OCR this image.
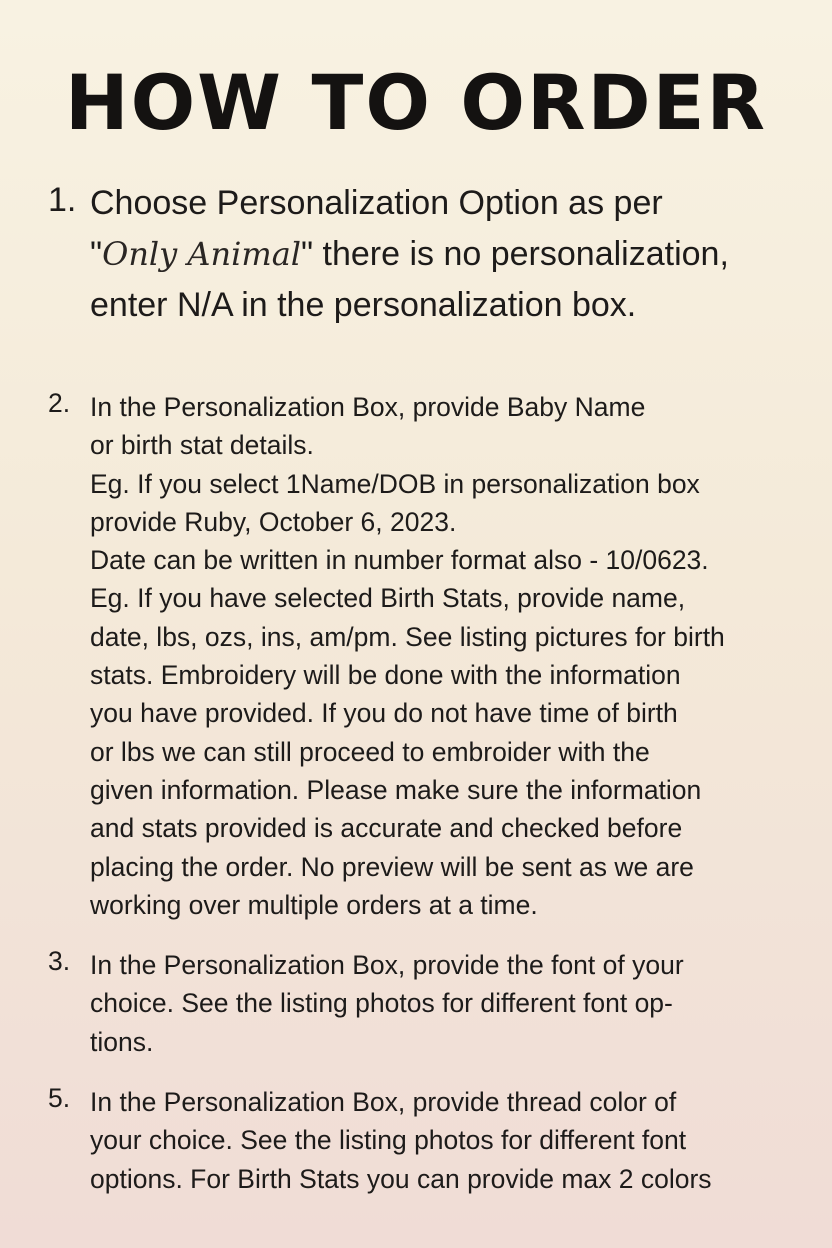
HOW TO ORDER
1. Choose Personalization Option as per
"Only Animal" there is no personalization,
enter N/A in the personalization box.
2. In the Personalization Box, provide Baby Name
or birth stat details.
Eg. If you select 1Name/DOB in personalization box
provide Ruby, October 6, 2023.
Date can be written in number format also - 10/0623.
Eg. If you have selected Birth Stats, provide name,
date, lbs, ozs, ins, am/pm. See listing pictures for birth
stats. Embroidery will be done with the information
you have provided. If you do not have time of birth
or lbs we can still proceed to embroider with the
given information. Please make sure the information
and stats provided is accurate and checked before
placing the order. No preview will be sent as we are
working over multiple orders at a time.
3. In the Personalization Box, provide the font of your
choice. See the listing photos for different font op-
tions.
5. In the Personalization Box, provide thread color of
your choice. See the listing photos for different font
options. For Birth Stats you can provide max 2 colors
